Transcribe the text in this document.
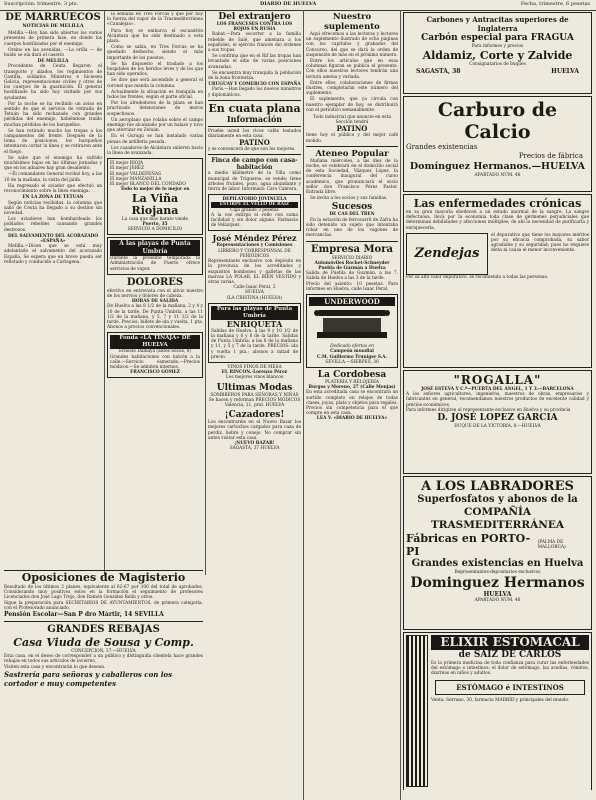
Suscripción: trimestre, 3 pts.	DIARIO DE HUELVA	Fecha, trimestre, 6 pesetas
DE MARRUECOS
NOTICIAS DE MELILLA

Melilla.—Hoy han sido abiertos los varios presentes de primera fase, en donde los cuerpos hostilizados por el enemigo.

Orsino en las avenidas. —La orilla — de huido se oía dará el caserío

DE MELILLA

Procedente de Ceuta llegaron el transporte y aliados, los regimientos de Castilla, soldados Ministros e hiciesen Galicia, representaciones civiles y otros de los cuerpos de la guarnición. El general hostilizado ha sido hoy visitado por sus ayudantes.

Por la noche se ha recibido un aviso en sentido de que el servicio de retirada de Tetuán ha sido rechazado con grandes pérdidas del enemigo, habiéndose traído muchas pérdidas de los harqueños.

Se han retirado mucho las tropas a los campamentos del frente. Después de la toma de posiciones, los harqueños intentaron cortar la línea y se retiraron ante el fuego.

Se sabe que el enemigo ha sufrido muchísimos bajas en las últimas jornadas y que en los aduares hay gran desaliento.

—El comandante General recibió hoy, a las 10 de la mañana, la visita del jalifa.

Ha regresado el aviador que efectuó un reconocimiento sobre la línea enemiga.

EN LA ZONA DE TETUAN

Según noticias recibidas, la columna que salió de Ceuta ha llegado a su destino sin novedad.

Los aviadores han bombardeado los poblados rebeldes causando grandes destrozos.

DEL SALVAMENTO DEL ACORAZADO «ESPAÑA»

Melilla.—Dicen que se está muy adelantado el salvamento del acorazado España. Se espera que en breve pueda ser reflotado y conducido a Cartagena.

la semana en Tres Forcas y que por hoy la fuerza del vapor de la Trasmediterránea «Canalejas».

Para hoy se embarca el escuadrón Alcántara que ha sido destinado a esta plaza.

Como se sabía, en Tres Forcas se ha quedado deshecho, siendo el más importante de los puestos.

Se ha dispuesto el traslado a los hospitales de los heridos leves y de los que han sido operados.

Se dice que será ascendido a general el coronel que manda la columna.

Actualmente la situación es tranquila en todos los frentes, según el parte oficial.

Por los alrededores de la plaza se han practicado detenciones de moros sospechosos.

Un aeroplano que volaba sobre el campo enemigo fue alcanzado por un balazo y tuvo que aterrizar en Zeluán.

En el Gurugú se han instalado varias piezas de artillería pesada.

Los cazadores de Alcántara salieron hacia la línea de avanzada.

El mejor RIOJA
El mejor JEREZ
El mejor VALDEPEÑAS
El mejor MANZANILLA
El mejor BLANCO DEL CONDADO
Todo lo mejor de lo mejor en
La Viña Riojana
La casa que más barato vende
Puerto, 35
SERVICIO A DOMICILIO
A las playas de Punta Umbría
Durante la presente temporada la Administración de Puerto ofrece servicios de vapor.
DOLORES
efectivo en entrevista con el alivio nuestro de los nervios y dolores de cabeza.
HORAS DE SALIDA
De Huelva a las 8 1/2 de la mañana, 2 y 4 y 10 de la tarde. De Punta Umbría, a las 11 1/2 de la mañana, y 5, 7 y 11 1/2 de la tarde. Precios: billete de ida y vuelta, 1 pta. Abonos a precios convencionales.
Fonda «LA TINAJA» DE HUELVA
Ernesto Dalbaya (antes Secas, 8)
Grandes habitaciones con balcón a la calle.—Servicio esmerado.—Precios módicos.—Se admiten internos.
FRANCISCO GOMEZ
Del extranjero
LOS FRANCESES CONTRA LOS ROJOS EN RUSIA

Rabat.—Para socorrer a la familia rebelde de Salé, que amenaza a los españoles, el ejército francés dio órdenes a sus tropas.

Se confirma que en el Rif las tropas han levantado el sitio de varias posiciones avanzadas.

Se encuentra muy tranquila la población de la zona fronteriza.

URUGUAY Y COMERCIO CON ESPAÑA

París.—Han llegado los nuevos ministros y diplomáticos.

En cuata plana
Información
Pruebe usted los ricos cafés tostados diariamente en esta casa.
PATINO
y se convencerá de que son los mejores.
Finca de campo con casa-habitación
a medio kilómetro de la Villa como municipal de Trigueros, se vende; tiene árboles frutales, pozo, agua abundante y tierra de labor. Informará: Caro Cabrera.
DEPILATORIO JOVINCELA
ESTIRPE EL VELLO DE RAIZ
Caja grande 3 pesetas
A la vez extirpa el vello con suma facilidad y sin dolor alguno. Farmacia de Velázquez.
José Méndez Pérez
Representaciones y Comisiones
LIBRERO Y CORRESPONSAL DE PERIÓDICOS
Representante exclusivo con depósito en la provincia de los acreditados y exquisitos bombones y galletas de las marcas LA POLAR, EL BIEN VESTIDO y otras varias.
Calle Isaac Peral, 3
HUELVA
ILA CRISTINA (HUELVA)
Para las playas de Punta Umbría
ENRIQUETA
Salidas de Huelva: a las 9 y 10 1/2 de la mañana y 6 y 8 de la tarde. Salidas de Punta Umbría: a las 8 de la mañana y 11, y 5 y 7 de la tarde. PRECIOS: ida y vuelta 1 pta.; abonos a mitad de precio.
VINOS FINOS DE MESA
EL RINCON.-Lorenzo Pérez
Los mejores vinos blancos
Ultimas Modas
SOMBREROS PARA SEÑORAS Y NIÑAS
Se hacen y reforman PRECIOS MÓDICOS
Valencia, 11, pral. HUELVA
¡Cazadores!
Los encontraréis en el Nuevo Bazar los mejores cartuchos cargados para caza de perdiz, liebre y conejo. No comprar sin antes visitar esta casa.
¡NUEVO BAZAR!
SAGASTA, 37 HUELVA
Nuestro suplemento

Aquí ofrecemos a las lectoras y lectores un suplemento ilustrado de ocho páginas con los capítulos y grabados del Concurso, del que se dará la orden de suspensión de más en el próximo número.

Entre los artículos que en esas columnas figuran se publica el presente. Con ellos nuestros lectores tendrán una lectura amena y variada.

Entre ellos, colaboraciones de firmas ilustres, completarán este número del suplemento.

El suplemento, que ya circula con nuestro ejemplar de hoy, se distribuirá con el periódico semanalmente.

Todo industrial que anuncie en esta Sección tendrá
PATINO
tiene hoy el público y del mejor café molido.
Ateneo Popular

Mañana miércoles, a las diez de la noche, se celebrará en el domicilio social de esta Sociedad, Vázquez López, la conferencia inaugural del curso académico, que pronunciará el socio señor don Francisco Pérez Pastor. Entrada libre.

Se invita a los socios y sus familias.

Sucesos
DE CAS DEL TREN

En la estación de ferrocarril de Zafra ha sido detenido un sujeto que intentaba robar en uno de los vagones de mercancías.

Empresa Mora
SERVICIO DIARIO
Automóviles Rochet-Schneyder
Puebla de Guzmán a Huelva
Salida de Puebla de Guzmán, a las 7. Salida de Huelva a las 3 de la tarde.
Precio del asiento: 10 pesetas. Para informes en Huelva, calle Isaac Peral.
UNDERWOOD
Dedicado ofertas en
Campeón mundial
C.M. Guillermo Truniger S.A.
SEVILLA.—SIERPES, 30
La Cordobesa
PLATERÍA Y RELOJERÍA
Burgos y Moreno, 27 (Calle Monjas)
En esta acreditada casa se encontrará un surtido completo en relojes de todas clases, joyas, plata y objetos para regalos.
Precios sin competencia para el que compre en esta casa.
LEA V. «DIARIO DE HUELVA»
Carbones y Antracitas superiores de Inglaterra
Carbón especial para FRAGUA
Para informes y precios
Aldamiz, Corte y Zalvide
Consignatarios de buques
SAGASTA, 38	HUELVA
Carburo de Calcio
Grandes existencias
Precios de fábrica
Domínguez Hermanos.—HUELVA
APARTADO NÚM. 48
Las enfermedades crónicas
en su gran mayoría obedecen a un estado anormal de la sangre. La sangre defectuosa, lleva por la economía toda clase de gérmenes perjudiciales que determinan debilidades y afecciones múltiples; de ahí la necesidad de purificarla y enriquecerla.
Zendejas
el depurativo que tiene los mayores méritos por su eficacia comprobada, su sabor agradable y su seguridad; pues no requiere dieta ni causa el menor inconveniente.
Por su alto valor depurativo, se recomienda a todas las personas.
"ROGALLA"
JOSÉ ESTEVA Y C.ª—PUERTA DEL ÁNGEL, 1 Y 3.—BARCELONA
A los señores agricultores, ingenieros, maestros de obras, empresarios y fabricantes en general, recomendamos nuestros productos de excelente calidad y precios económicos.
Para informes dirigirse al representante exclusivo en Huelva y su provincia
D. JOSÉ LOPEZ GARCIA
DUQUE DE LA VICTORIA, 8.—HUELVA
A LOS LABRADORES
Superfosfatos y abonos de la
COMPAÑÍA TRASMEDITERRÁNEA
Fábricas en PORTO-PI
(PALMA DE MALLORCA)
Grandes existencias en Huelva
Representantes-depositarios exclusivos
Dominguez Hermanos
HUELVA
APARTADO NÚM. 48
ELIXIR ESTOMACAL
de SAIZ DE CARLOS
Es la primera medicina de toda confianza para curar las enfermedades del estómago e intestinos; el dolor de estómago, las acedías, vómitos, diarreas en niños y adultos.
ESTÓMAGO é INTESTINOS
Venta: Serrano, 30, farmacia MADRID y principales del mundo.
Oposiciones de Magisterio
Resultado de los últimos 2 planes, equivalente al 62-67 por 100 del total de aprobados. Considerando muy positivos estos en la formación el seguimiento de profesores Licenciados don José Lago Trejo, don Ramón González Bolín y otros.
Sigue la preparación para SECRETARIOS DE AYUNTAMIENTOS, de primera categoría, con el Profesorado anunciado.
Pensión Escolar—San P dro Mártir, 14 SEVILLA
GRANDES REBAJAS
Casa Viuda de Sousa y Comp.
CONCEPCION, 37.—HUELVA
Esta casa, en el deseo de corresponder a un público y distinguida clientela hace grandes rebajas en todos sus artículos de invierno.
Visiten esta casa y encontrarán lo que desean.
Sastrería para señoras y caballeros con los cortador e muy competentes
